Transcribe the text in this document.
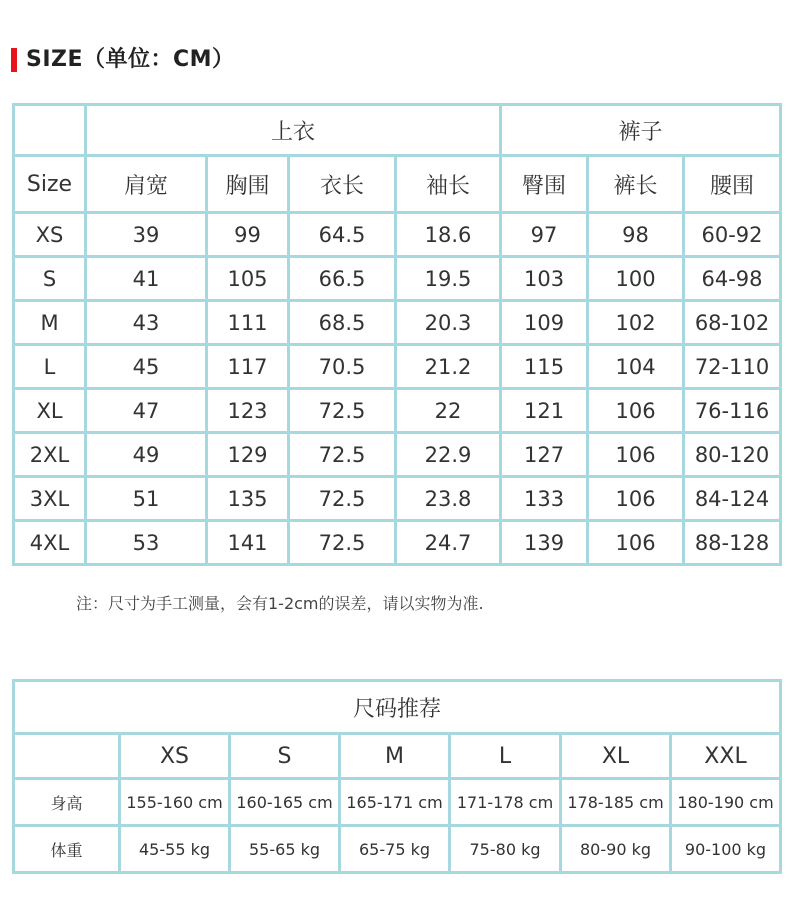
SIZE（单位：CM）
	上衣				裤子		
Size	肩宽	胸围	衣长	袖长	臀围	裤长	腰围
XS	39	99	64.5	18.6	97	98	60-92
S	41	105	66.5	19.5	103	100	64-98
M	43	111	68.5	20.3	109	102	68-102
L	45	117	70.5	21.2	115	104	72-110
XL	47	123	72.5	22	121	106	76-116
2XL	49	129	72.5	22.9	127	106	80-120
3XL	51	135	72.5	23.8	133	106	84-124
4XL	53	141	72.5	24.7	139	106	88-128
注：尺寸为手工测量，会有1-2cm的误差，请以实物为准.
尺码推荐						
	XS	S	M	L	XL	XXL
身高	155-160 cm	160-165 cm	165-171 cm	171-178 cm	178-185 cm	180-190 cm
体重	45-55 kg	55-65 kg	65-75 kg	75-80 kg	80-90 kg	90-100 kg
